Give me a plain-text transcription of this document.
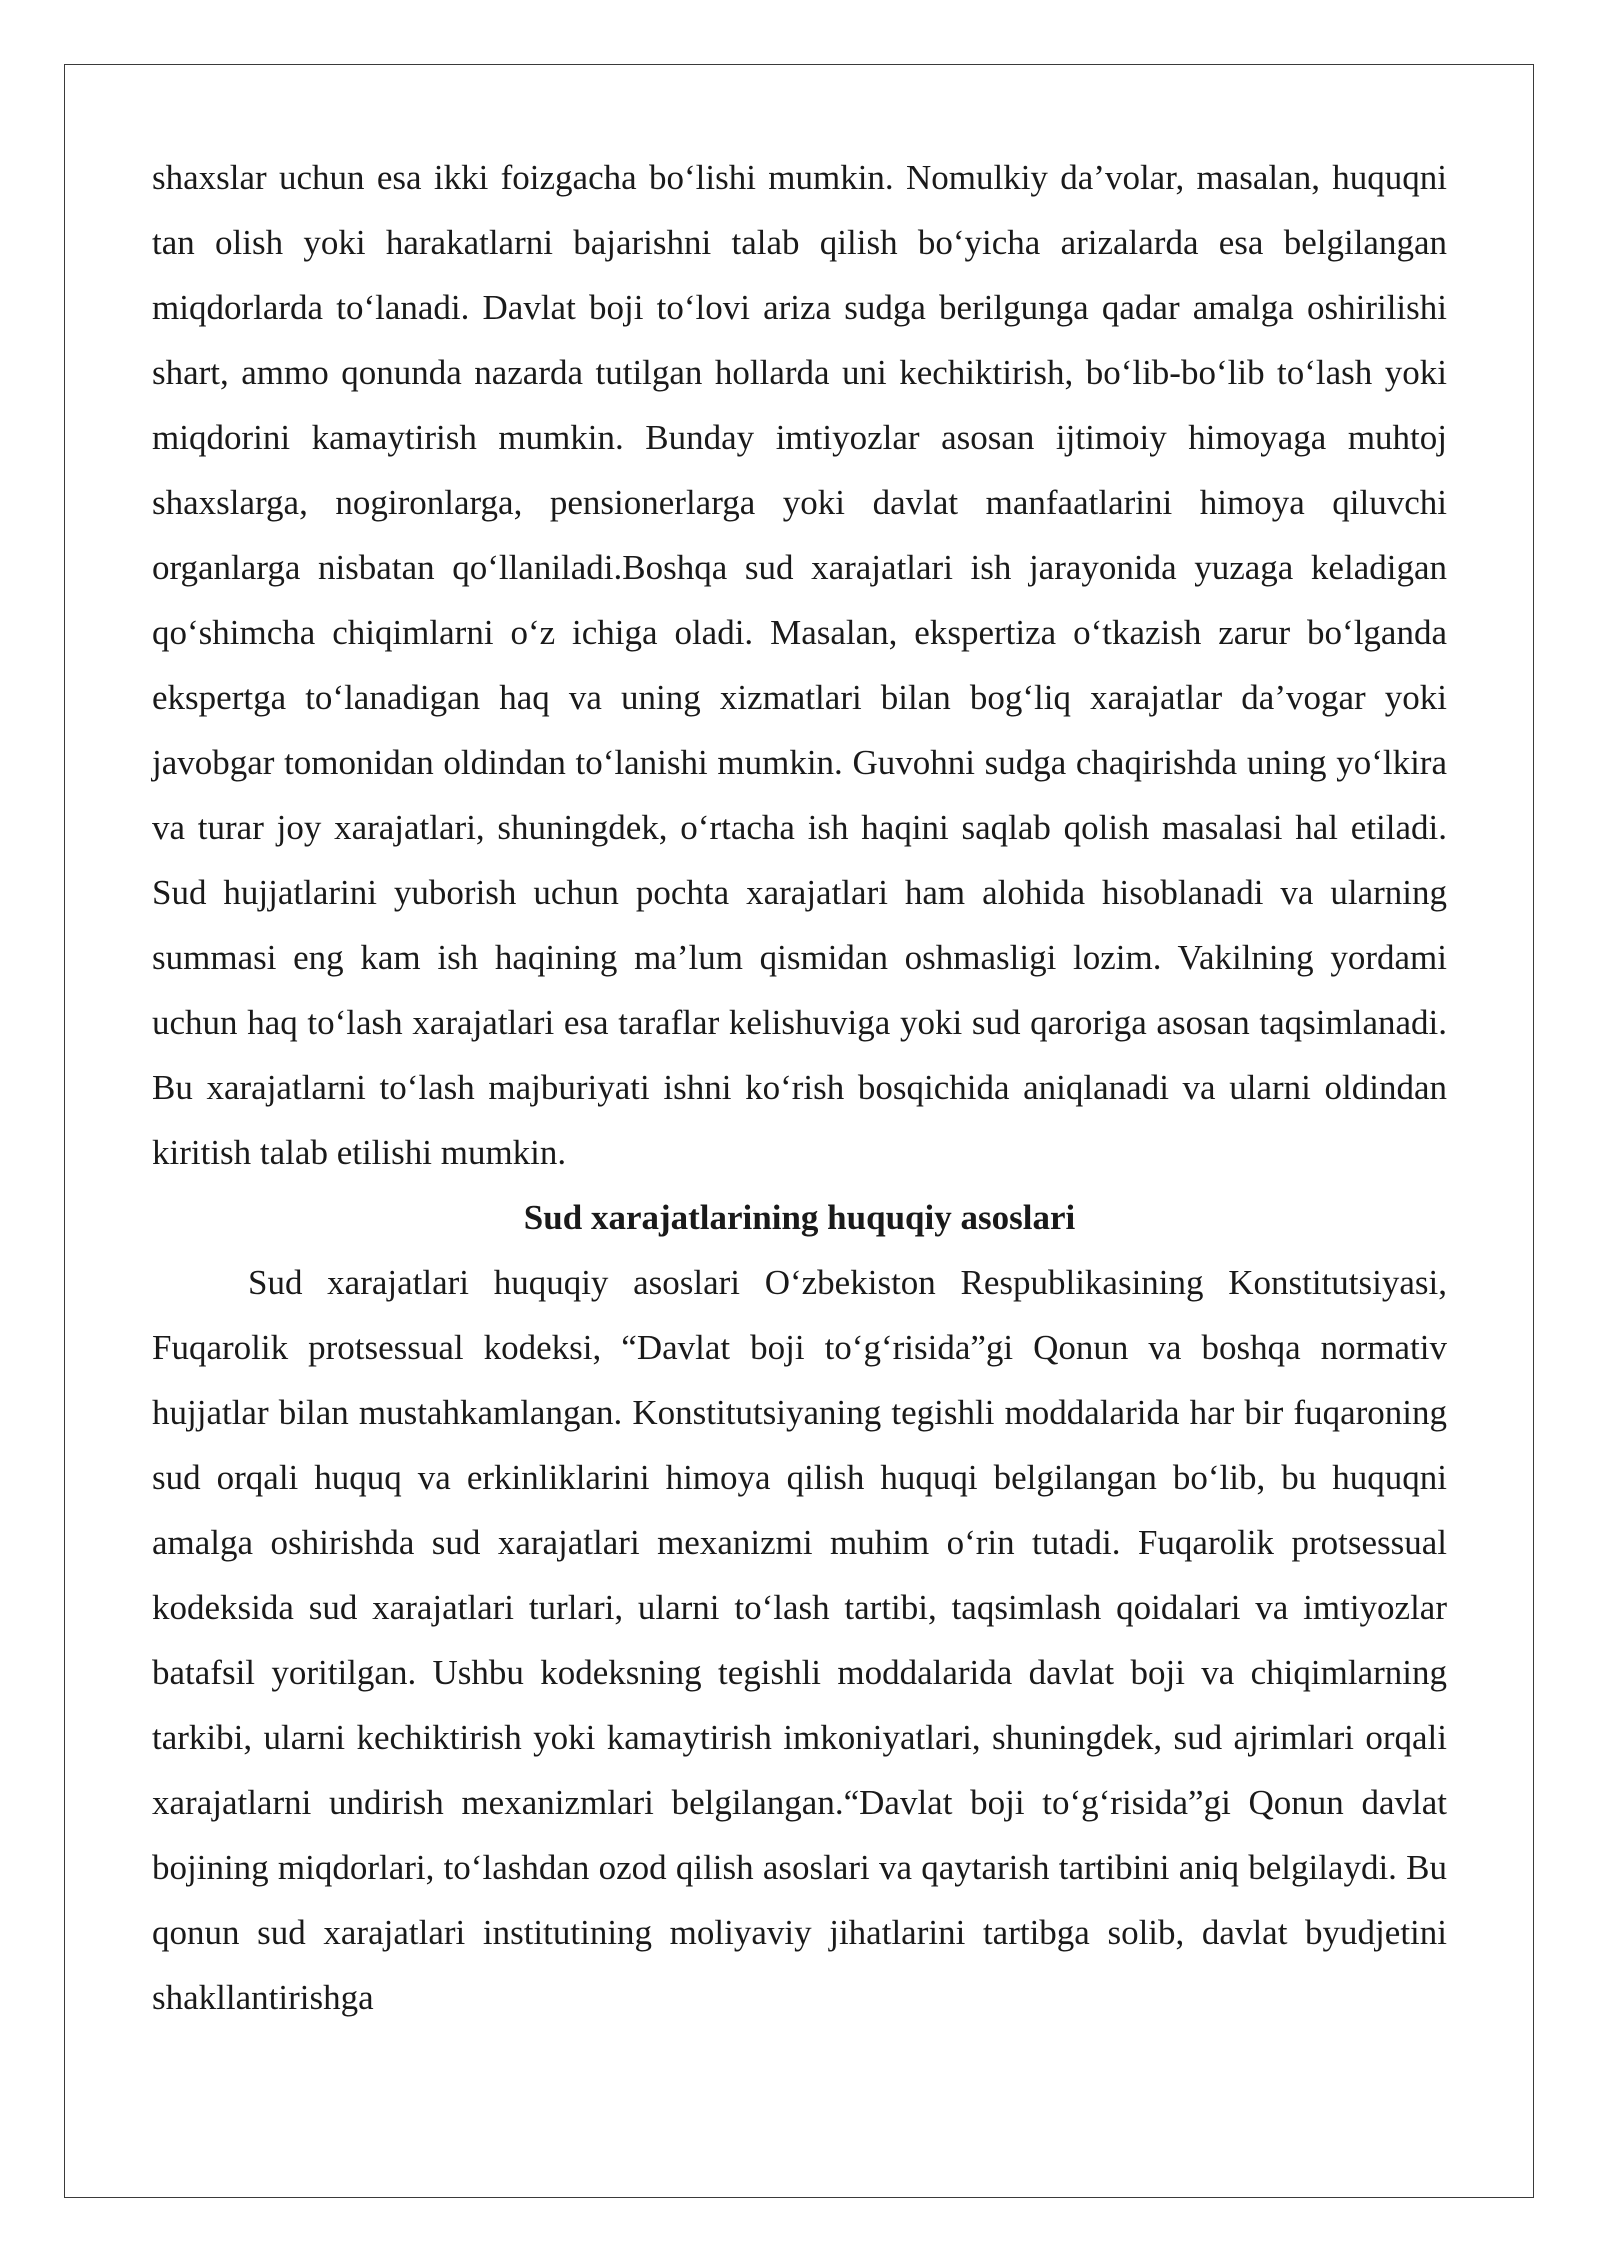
shaxslar uchun esa ikki foizgacha bo‘lishi mumkin. Nomulkiy da’volar, masalan, huquqni tan olish yoki harakatlarni bajarishni talab qilish bo‘yicha arizalarda esa belgilangan miqdorlarda to‘lanadi. Davlat boji to‘lovi ariza sudga berilgunga qadar amalga oshirilishi shart, ammo qonunda nazarda tutilgan hollarda uni kechiktirish, bo‘lib-bo‘lib to‘lash yoki miqdorini kamaytirish mumkin. Bunday imtiyozlar asosan ijtimoiy himoyaga muhtoj shaxslarga, nogironlarga, pensionerlarga yoki davlat manfaatlarini himoya qiluvchi organlarga nisbatan qo‘llaniladi.Boshqa sud xarajatlari ish jarayonida yuzaga keladigan qo‘shimcha chiqimlarni o‘z ichiga oladi. Masalan, ekspertiza o‘tkazish zarur bo‘lganda ekspertga to‘lanadigan haq va uning xizmatlari bilan bog‘liq xarajatlar da’vogar yoki javobgar tomonidan oldindan to‘lanishi mumkin. Guvohni sudga chaqirishda uning yo‘lkira va turar joy xarajatlari, shuningdek, o‘rtacha ish haqini saqlab qolish masalasi hal etiladi. Sud hujjatlarini yuborish uchun pochta xarajatlari ham alohida hisoblanadi va ularning summasi eng kam ish haqining ma’lum qismidan oshmasligi lozim. Vakilning yordami uchun haq to‘lash xarajatlari esa taraflar kelishuviga yoki sud qaroriga asosan taqsimlanadi. Bu xarajatlarni to‘lash majburiyati ishni ko‘rish bosqichida aniqlanadi va ularni oldindan kiritish talab etilishi mumkin.

Sud xarajatlarining huquqiy asoslari

Sud xarajatlari huquqiy asoslari O‘zbekiston Respublikasining Konstitutsiyasi, Fuqarolik protsessual kodeksi, “Davlat boji to‘g‘risida”gi Qonun va boshqa normativ hujjatlar bilan mustahkamlangan. Konstitutsiyaning tegishli moddalarida har bir fuqaroning sud orqali huquq va erkinliklarini himoya qilish huquqi belgilangan bo‘lib, bu huquqni amalga oshirishda sud xarajatlari mexanizmi muhim o‘rin tutadi. Fuqarolik protsessual kodeksida sud xarajatlari turlari, ularni to‘lash tartibi, taqsimlash qoidalari va imtiyozlar batafsil yoritilgan. Ushbu kodeksning tegishli moddalarida davlat boji va chiqimlarning tarkibi, ularni kechiktirish yoki kamaytirish imkoniyatlari, shuningdek, sud ajrimlari orqali xarajatlarni undirish mexanizmlari belgilangan.“Davlat boji to‘g‘risida”gi Qonun davlat bojining miqdorlari, to‘lashdan ozod qilish asoslari va qaytarish tartibini aniq belgilaydi. Bu qonun sud xarajatlari institutining moliyaviy jihatlarini tartibga solib, davlat byudjetini shakllantirishga
